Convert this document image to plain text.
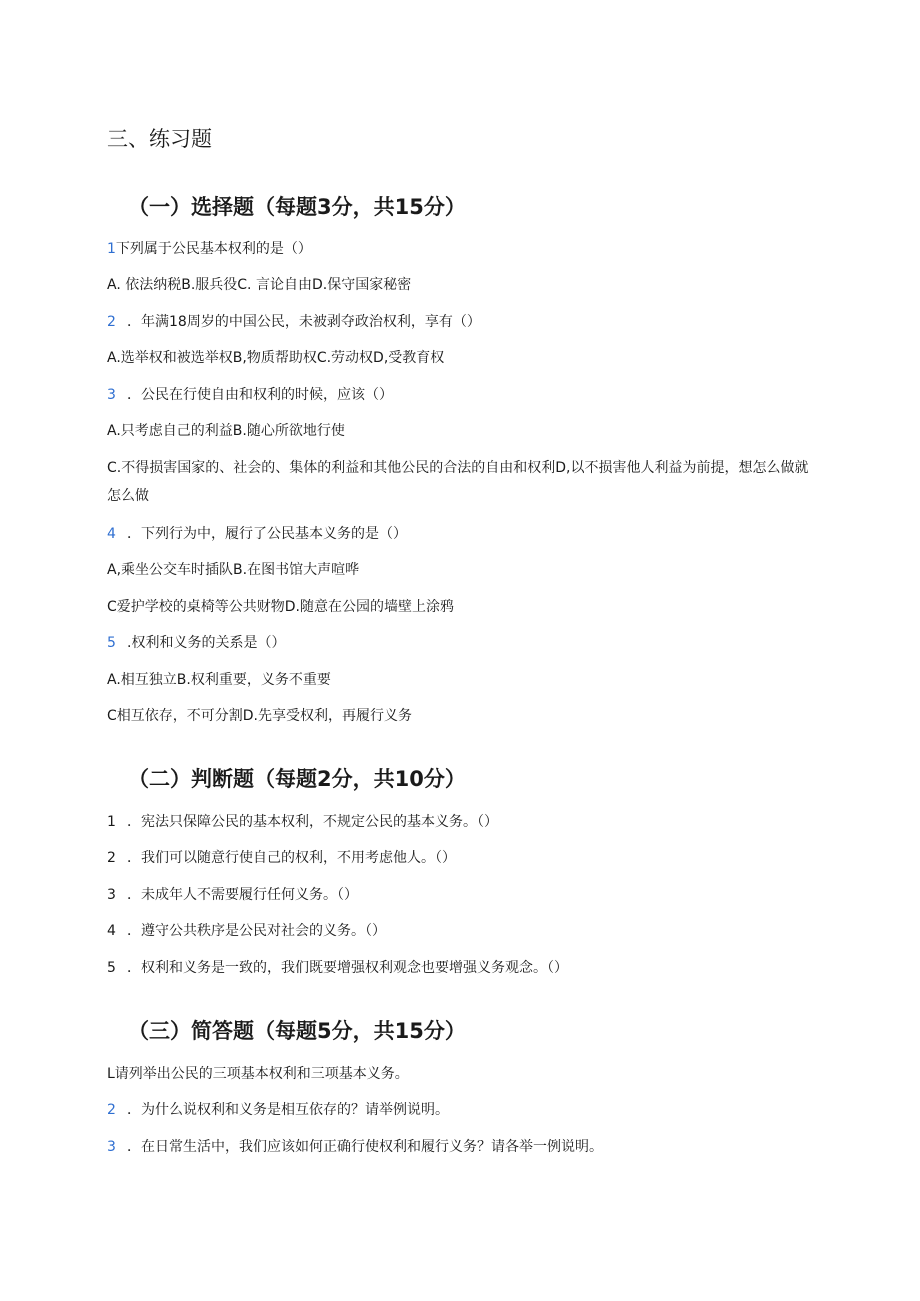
三、练习题
（一）选择题（每题3分，共15分）
1下列属于公民基本权利的是（）
A. 依法纳税B.服兵役C. 言论自由D.保守国家秘密
2 ．年满18周岁的中国公民，未被剥夺政治权利，享有（）
A.选举权和被选举权B,物质帮助权C.劳动权D,受教育权
3 ．公民在行使自由和权利的时候，应该（）
A.只考虑自己的利益B.随心所欲地行使
C.不得损害国家的、社会的、集体的利益和其他公民的合法的自由和权利D,以不损害他人利益为前提，想怎么做就怎么做
4 ．下列行为中，履行了公民基本义务的是（）
A,乘坐公交车时插队B.在图书馆大声喧哗
C爱护学校的桌椅等公共财物D.随意在公园的墙壁上涂鸦
5 .权利和义务的关系是（）
A.相互独立B.权利重要，义务不重要
C相互依存，不可分割D.先享受权利，再履行义务
（二）判断题（每题2分，共10分）
1 ．宪法只保障公民的基本权利，不规定公民的基本义务。（）
2 ．我们可以随意行使自己的权利，不用考虑他人。（）
3 ．未成年人不需要履行任何义务。（）
4 ．遵守公共秩序是公民对社会的义务。（）
5 ．权利和义务是一致的，我们既要增强权利观念也要增强义务观念。（）
（三）简答题（每题5分，共15分）
L请列举出公民的三项基本权利和三项基本义务。
2 ．为什么说权利和义务是相互依存的？请举例说明。
3 ．在日常生活中，我们应该如何正确行使权利和履行义务？请各举一例说明。
